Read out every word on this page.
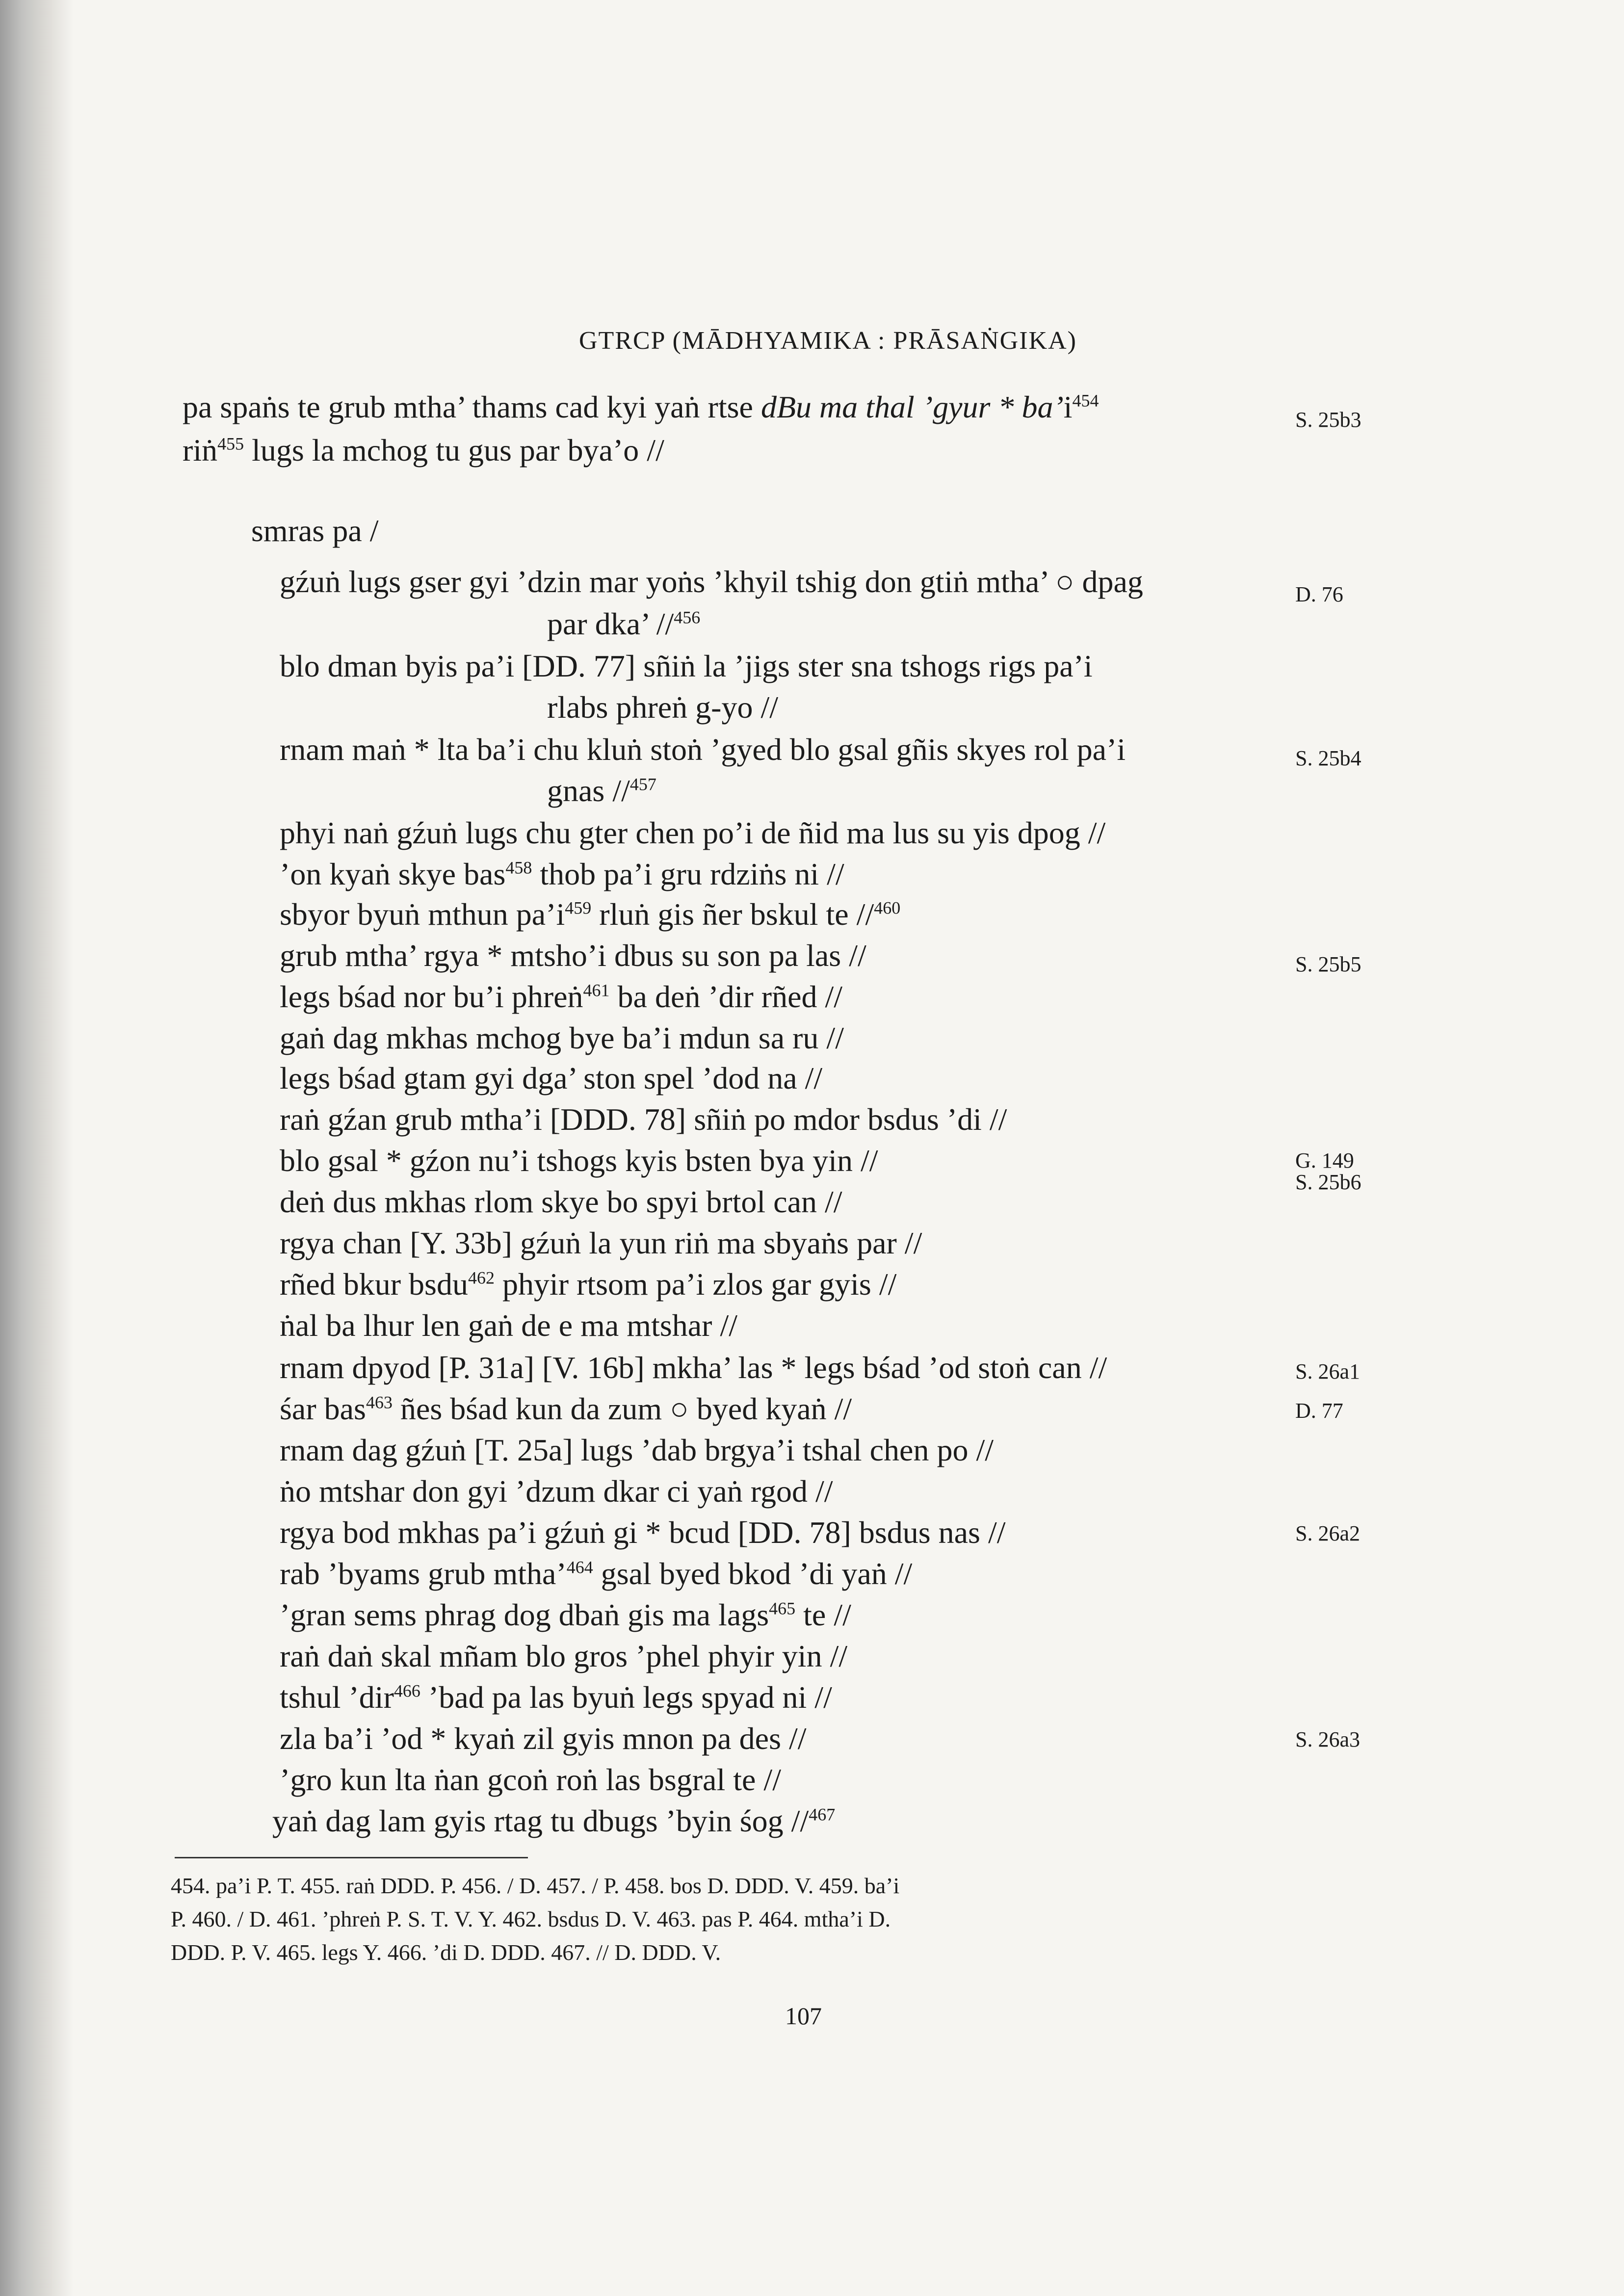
GTRCP (MĀDHYAMIKA : PRĀSAṄGIKA)
pa spaṅs te grub mtha’ thams cad kyi yaṅ rtse dBu ma thal ’gyur * $ba’i^{454}$
riṅ$^{455}$ lugs la mchog tu gus par bya’o //
smras pa /
gźuṅ lugs gser gyi ’dzin mar yoṅs ’khyil tshig don gtiṅ mtha’ ○ dpag
par dka’ //$^{456}$
blo dman byis pa’i [DD. 77] sñiṅ la ’jigs ster sna tshogs rigs pa’i
rlabs phreṅ g-yo //
rnam maṅ * lta ba’i chu kluṅ stoṅ ’gyed blo gsal gñis skyes rol pa’i
gnas //$^{457}$
phyi naṅ gźuṅ lugs chu gter chen po’i de ñid ma lus su yis dpog //
’on kyaṅ skye bas$^{458}$ thob pa’i gru rdziṅs ni //
sbyor byuṅ mthun $pa’i^{459}$ rluṅ gis ñer bskul te //$^{460}$
grub mtha’ rgya * mtsho’i dbus su son pa las //
legs bśad nor bu’i phreṅ$^{461}$ ba deṅ ’dir rñed //
gaṅ dag mkhas mchog bye ba’i mdun sa ru //
legs bśad gtam gyi dga’ ston spel ’dod na //
raṅ gźan grub mtha’i [DDD. 78] sñiṅ po mdor bsdus ’di //
blo gsal * gźon nu’i tshogs kyis bsten bya yin //
deṅ dus mkhas rlom skye bo spyi brtol can //
rgya chan [Y. 33b] gźuṅ la yun riṅ ma sbyaṅs par //
rñed bkur bsdu$^{462}$ phyir rtsom pa’i zlos gar gyis //
ṅal ba lhur len gaṅ de e ma mtshar //
rnam dpyod [P. 31a] [V. 16b] mkha’ las * legs bśad ’od stoṅ can //
śar bas$^{463}$ ñes bśad kun da zum ○ byed kyaṅ //
rnam dag gźuṅ [T. 25a] lugs ’dab brgya’i tshal chen po //
ṅo mtshar don gyi ’dzum dkar ci yaṅ rgod //
rgya bod mkhas pa’i gźuṅ gi * bcud [DD. 78] bsdus nas //
rab ’byams grub mtha’$^{464}$ gsal byed bkod ’di yaṅ //
’gran sems phrag dog dbaṅ gis ma lags$^{465}$ te //
raṅ daṅ skal mñam blo gros ’phel phyir yin //
tshul ’dir$^{466}$ ’bad pa las byuṅ legs spyad ni //
zla ba’i ’od * kyaṅ zil gyis mnon pa des //
’gro kun lta ṅan gcoṅ roṅ las bsgral te //
yaṅ dag lam gyis rtag tu dbugs ’byin śog //$^{467}$
S. 25b3
D. 76
S. 25b4
S. 25b5
G. 149
S. 25b6
S. 26a1
D. 77
S. 26a2
S. 26a3
454. pa’i P. T. 455. raṅ DDD. P. 456. / D. 457. / P. 458. bos D. DDD. V. 459. ba’i
P. 460. / D. 461. ’phreṅ P. S. T. V. Y. 462. bsdus D. V. 463. pas P. 464. mtha’i D.
DDD. P. V. 465. legs Y. 466. ’di D. DDD. 467. // D. DDD. V.
107
